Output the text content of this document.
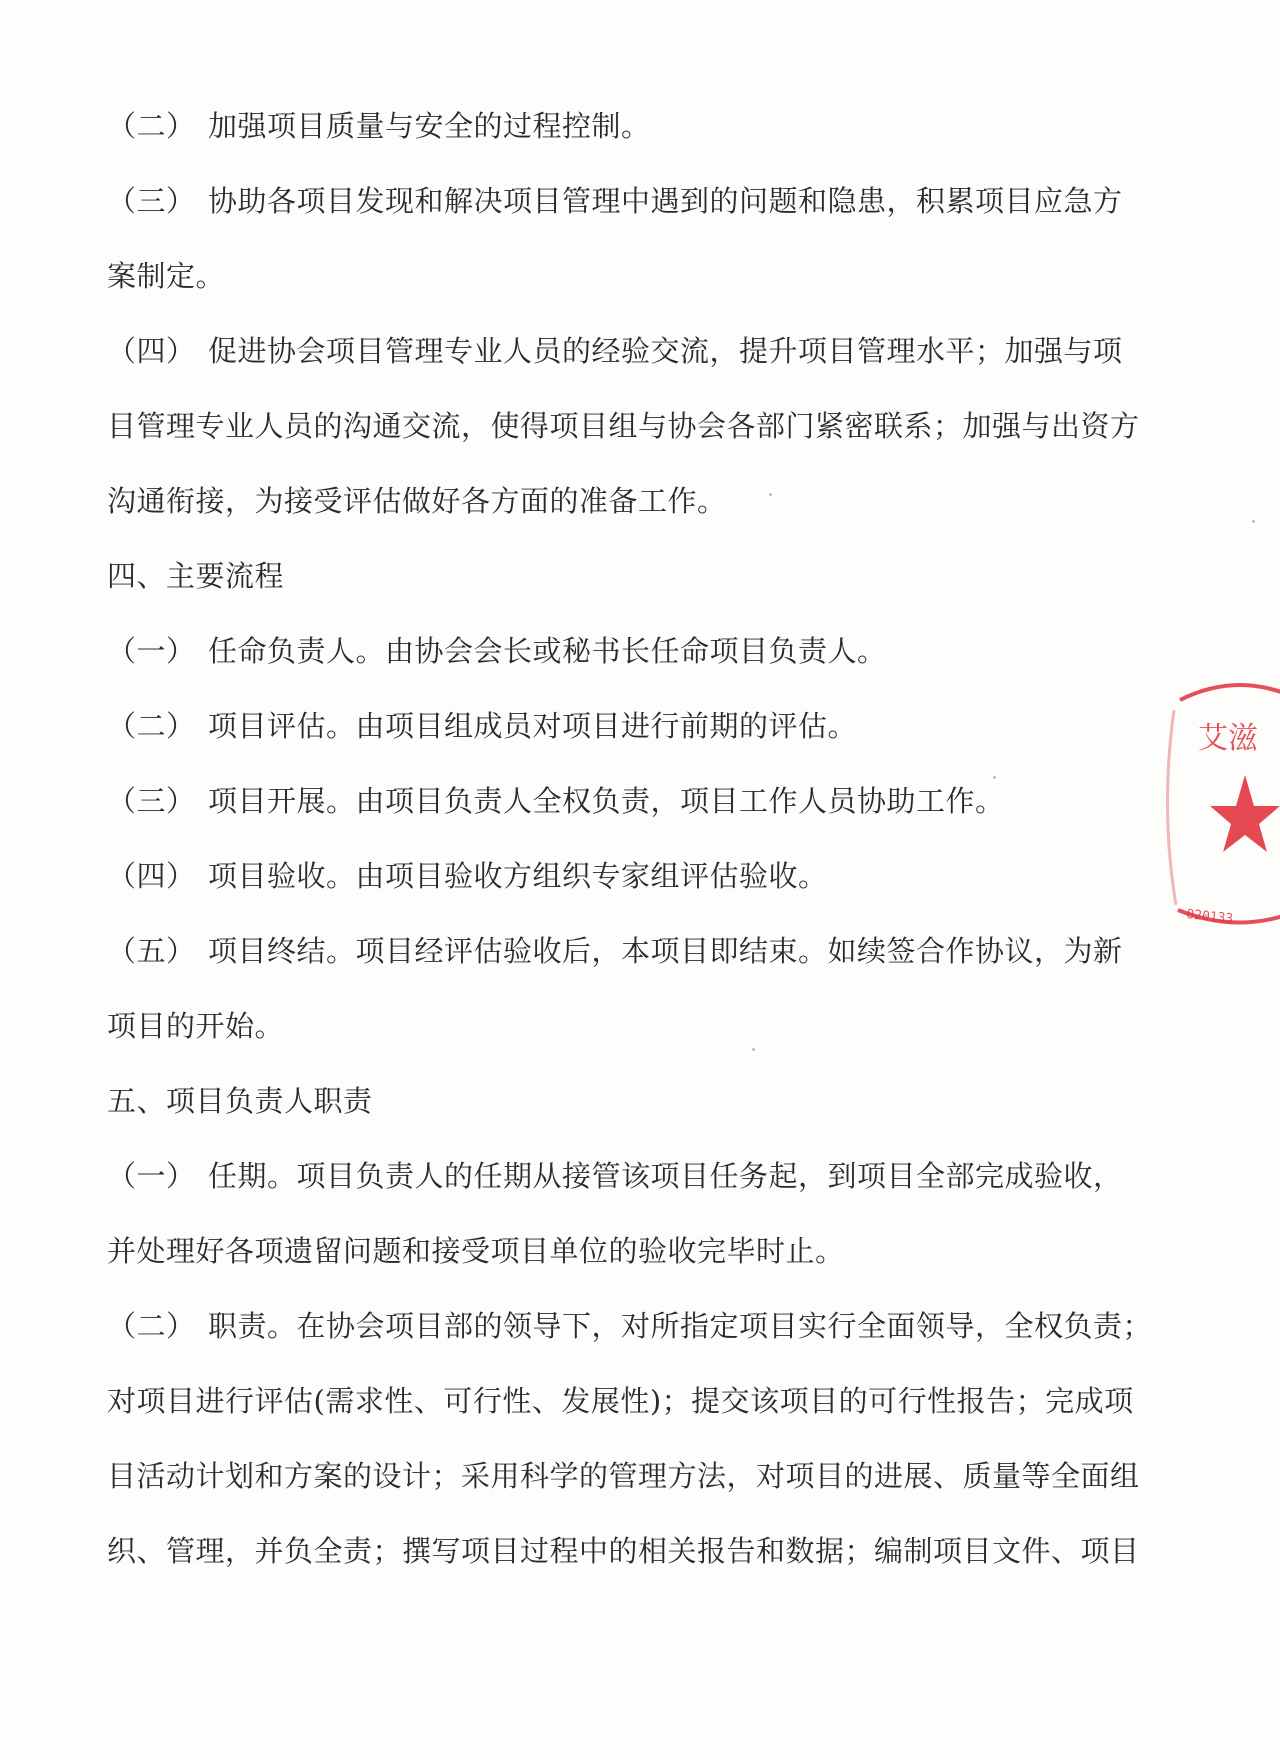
（二） 加强项目质量与安全的过程控制。
（三） 协助各项目发现和解决项目管理中遇到的问题和隐患，积累项目应急方
案制定。
（四） 促进协会项目管理专业人员的经验交流，提升项目管理水平；加强与项
目管理专业人员的沟通交流，使得项目组与协会各部门紧密联系；加强与出资方
沟通衔接，为接受评估做好各方面的准备工作。
四、主要流程
（一） 任命负责人。由协会会长或秘书长任命项目负责人。
（二） 项目评估。由项目组成员对项目进行前期的评估。
（三） 项目开展。由项目负责人全权负责，项目工作人员协助工作。
（四） 项目验收。由项目验收方组织专家组评估验收。
（五） 项目终结。项目经评估验收后，本项目即结束。如续签合作协议，为新
项目的开始。
五、项目负责人职责
（一） 任期。项目负责人的任期从接管该项目任务起，到项目全部完成验收，
并处理好各项遗留问题和接受项目单位的验收完毕时止。
（二） 职责。在协会项目部的领导下，对所指定项目实行全面领导，全权负责；
对项目进行评估(需求性、可行性、发展性)；提交该项目的可行性报告；完成项
目活动计划和方案的设计；采用科学的管理方法，对项目的进展、质量等全面组
织、管理，并负全责；撰写项目过程中的相关报告和数据；编制项目文件、项目
艾滋
020133
